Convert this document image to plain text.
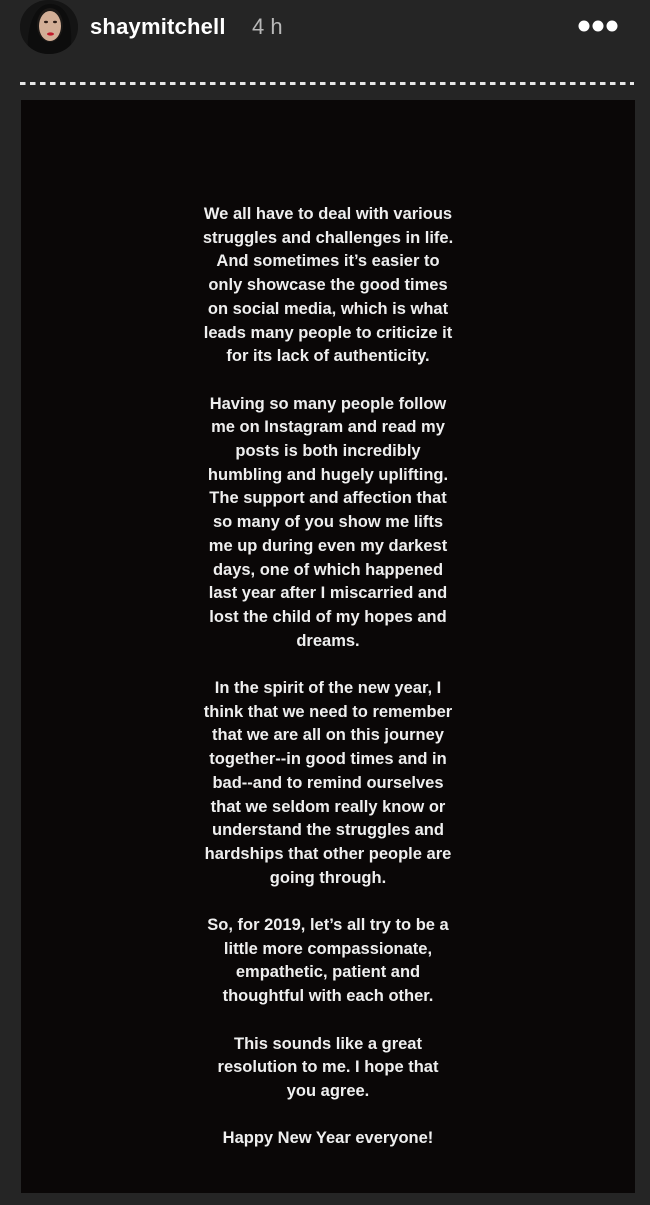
shaymitchell 4 h

We all have to deal with various
struggles and challenges in life.
And sometimes it’s easier to
only showcase the good times
on social media, which is what
leads many people to criticize it
for its lack of authenticity.

Having so many people follow
me on Instagram and read my
posts is both incredibly
humbling and hugely uplifting.
The support and affection that
so many of you show me lifts
me up during even my darkest
days, one of which happened
last year after I miscarried and
lost the child of my hopes and
dreams.

In the spirit of the new year, I
think that we need to remember
that we are all on this journey
together--in good times and in
bad--and to remind ourselves
that we seldom really know or
understand the struggles and
hardships that other people are
going through.

So, for 2019, let’s all try to be a
little more compassionate,
empathetic, patient and
thoughtful with each other.

This sounds like a great
resolution to me. I hope that
you agree.

Happy New Year everyone!
